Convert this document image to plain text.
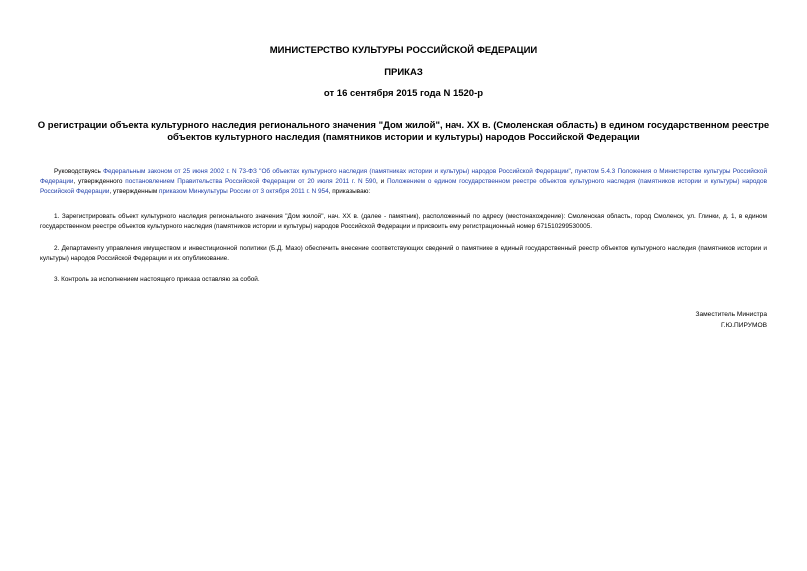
МИНИСТЕРСТВО КУЛЬТУРЫ РОССИЙСКОЙ ФЕДЕРАЦИИ
ПРИКАЗ
от 16 сентября 2015 года N 1520-р
О регистрации объекта культурного наследия регионального значения "Дом жилой", нач. XX в. (Смоленская область) в едином государственном реестре объектов культурного наследия (памятников истории и культуры) народов Российской Федерации
Руководствуясь Федеральным законом от 25 июня 2002 г. N 73-ФЗ "Об объектах культурного наследия (памятниках истории и культуры) народов Российской Федерации", пунктом 5.4.3 Положения о Министерстве культуры Российской Федерации, утвержденного постановлением Правительства Российской Федерации от 20 июля 2011 г. N 590, и Положением о едином государственном реестре объектов культурного наследия (памятников истории и культуры) народов Российской Федерации, утвержденным приказом Минкультуры России от 3 октября 2011 г. N 954, приказываю:
1. Зарегистрировать объект культурного наследия регионального значения "Дом жилой", нач. XX в. (далее - памятник), расположенный по адресу (местонахождение): Смоленская область, город Смоленск, ул. Глинки, д. 1, в едином государственном реестре объектов культурного наследия (памятников истории и культуры) народов Российской Федерации и присвоить ему регистрационный номер 671510299530005.
2. Департаменту управления имуществом и инвестиционной политики (Б.Д. Мазо) обеспечить внесение соответствующих сведений о памятнике в единый государственный реестр объектов культурного наследия (памятников истории и культуры) народов Российской Федерации и их опубликование.
3. Контроль за исполнением настоящего приказа оставляю за собой.
Заместитель Министра
Г.Ю.ПИРУМОВ
